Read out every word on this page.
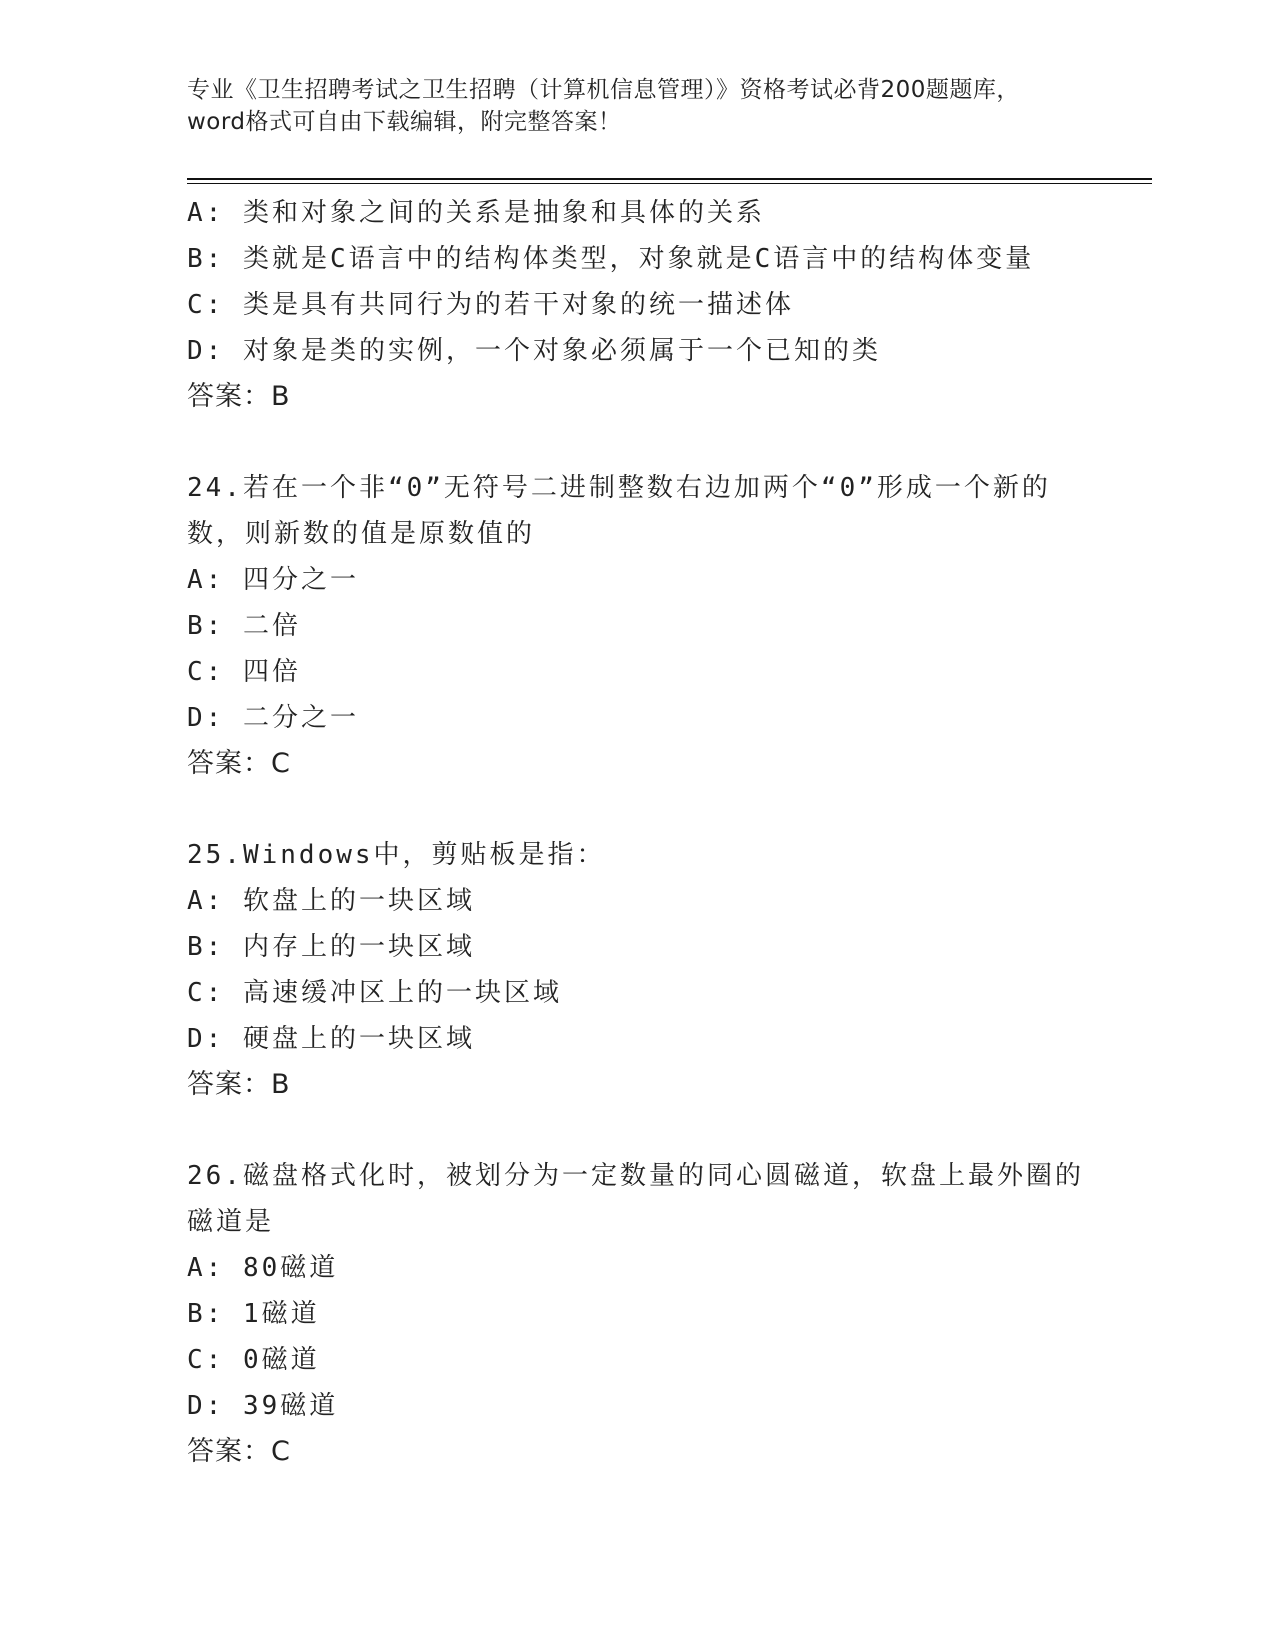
专业《卫生招聘考试之卫生招聘（计算机信息管理）》资格考试必背200题题库，
word格式可自由下载编辑，附完整答案！
A: 类和对象之间的关系是抽象和具体的关系
B: 类就是C语言中的结构体类型，对象就是C语言中的结构体变量
C: 类是具有共同行为的若干对象的统一描述体
D: 对象是类的实例，一个对象必须属于一个已知的类
答案：B
24.若在一个非“0”无符号二进制整数右边加两个“0”形成一个新的
数，则新数的值是原数值的
A: 四分之一
B: 二倍
C: 四倍
D: 二分之一
答案：C
25.Windows中，剪贴板是指：
A: 软盘上的一块区域
B: 内存上的一块区域
C: 高速缓冲区上的一块区域
D: 硬盘上的一块区域
答案：B
26.磁盘格式化时，被划分为一定数量的同心圆磁道，软盘上最外圈的
磁道是
A: 80磁道
B: 1磁道
C: 0磁道
D: 39磁道
答案：C
